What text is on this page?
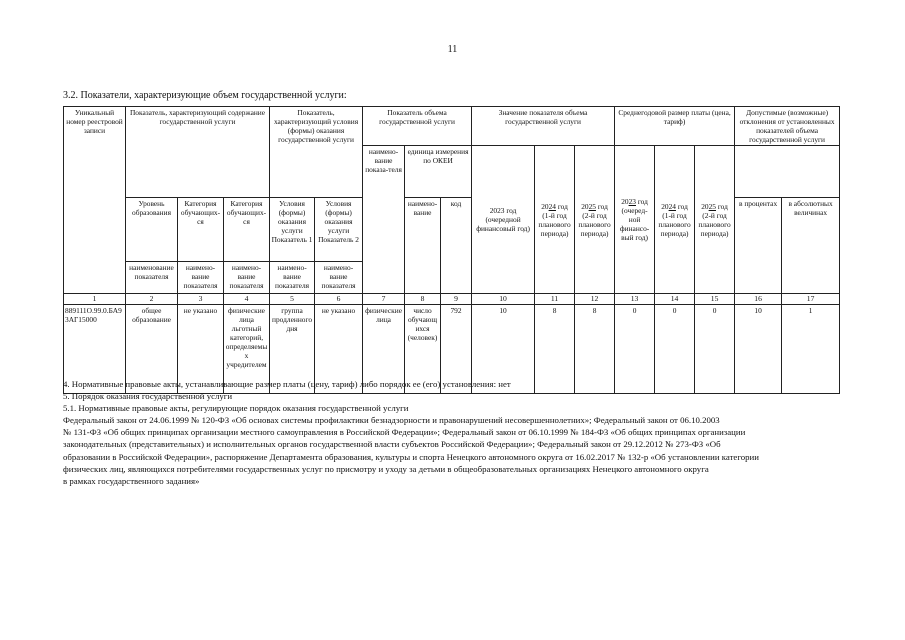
11
3.2. Показатели, характеризующие объем государственной услуги:
Уникальный номер реестровой записи	Показатель, характеризующий содержание государственной услуги			Показатель, характеризующий условия (формы) оказания государственной услуги		Показатель объема государственной услуги			Значение показателя объема государственной услуги			Среднегодовой размер платы (цена, тариф)			Допустимые (возможные) отклонения от установленных показателей объема государственной услуги	
						наимено-вание показа-теля	единица измерения по ОКЕИ		2023 год (очередной финансовый год)	2024 год (1-й год планового периода)	2025 год (2-й год планового периода)	2023 год (очеред-ной финансо-вый год)	2024 год (1-й год планового периода)	2025 год (2-й год планового периода)		
	Уровень образования	Категория обучающих-ся	Категория обучающих-ся	Условия (формы) оказания услуги Показатель 1	Условия (формы) оказания услуги Показатель 2		наимено-вание	код							в процентах	в абсолютных величинах
	наименование показателя	наимено-вание показателя	наимено-вание показателя	наимено-вание показателя	наимено-вание показателя											
1	2	3	4	5	6	7	8	9	10	11	12	13	14	15	16	17
889111О.99.0.БА93АГ15000	общее образование	не указано	физические лица льготный категорий, определяемых учредителем	группа продленного дня	не указано	физические лица	число обучающихся (человек)	792	10	8	8	0	0	0	10	1

4. Нормативные правовые акты, устанавливающие размер платы (цену, тариф) либо порядок ее (его) установления: нет

5. Порядок оказания государственной услуги

5.1. Нормативные правовые акты, регулирующие порядок оказания государственной услуги

Федеральный закон от 24.06.1999 № 120-ФЗ «Об основах системы профилактики безнадзорности и правонарушений несовершеннолетних»; Федеральный закон от 06.10.2003

№ 131-ФЗ «Об общих принципах организации местного самоуправления в Российской Федерации»; Федеральный закон от 06.10.1999 № 184-ФЗ «Об общих принципах организации

законодательных (представительных) и исполнительных органов государственной власти субъектов Российской Федерации»; Федеральный закон от 29.12.2012 № 273-ФЗ «Об

образовании в Российской Федерации», распоряжение Департамента образования, культуры и спорта Ненецкого автономного округа от 16.02.2017 № 132-р «Об установлении категории

физических лиц, являющихся потребителями государственных услуг по присмотру и уходу за детьми в общеобразовательных организациях Ненецкого автономного округа

в рамках государственного задания»
